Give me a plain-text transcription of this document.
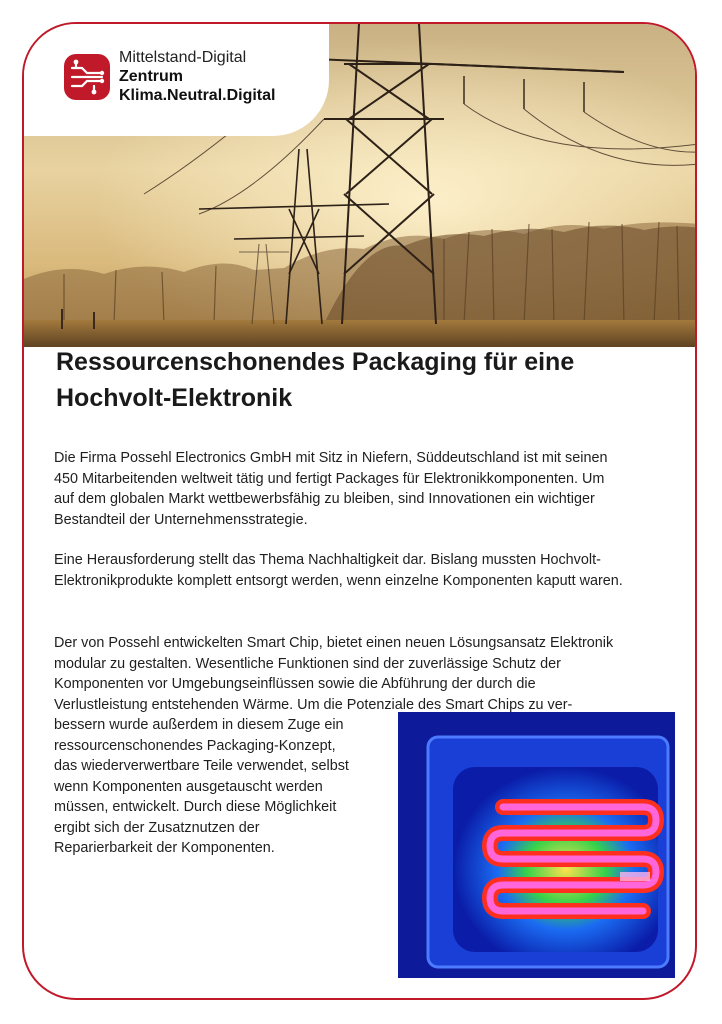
Mittelstand-Digital
Zentrum
Klima.Neutral.Digital
Ressourcenschonendes Packaging für eine
Hochvolt-Elektronik

Die Firma Possehl Electronics GmbH mit Sitz in Niefern, Süddeutschland ist mit seinen 450 Mitarbeitenden weltweit tätig und fertigt Packages für Elektronikkomponenten. Um auf dem globalen Markt wettbewerbsfähig zu bleiben, sind Innovationen ein wichtiger Bestandteil der Unternehmensstrategie.

Eine Herausforderung stellt das Thema Nachhaltigkeit dar. Bislang mussten Hochvolt-Elektronikprodukte komplett entsorgt werden, wenn einzelne Komponenten kaputt waren.

Der von Possehl entwickelten Smart Chip, bietet einen neuen Lösungsansatz Elektronik modular zu gestalten. Wesentliche Funktionen sind der zuverlässige Schutz der Komponenten vor Umgebungseinflüssen sowie die Abführung der durch die Verlustleistung entstehenden Wärme. Um die Potenziale des Smart Chips zu ver-

bessern wurde außerdem in diesem Zuge ein ressourcenschonendes Packaging-Konzept, das wiederverwertbare Teile verwendet, selbst wenn Komponenten ausgetauscht werden müssen, entwickelt. Durch diese Möglichkeit ergibt sich der Zusatznutzen der Reparierbarkeit der Komponenten.
